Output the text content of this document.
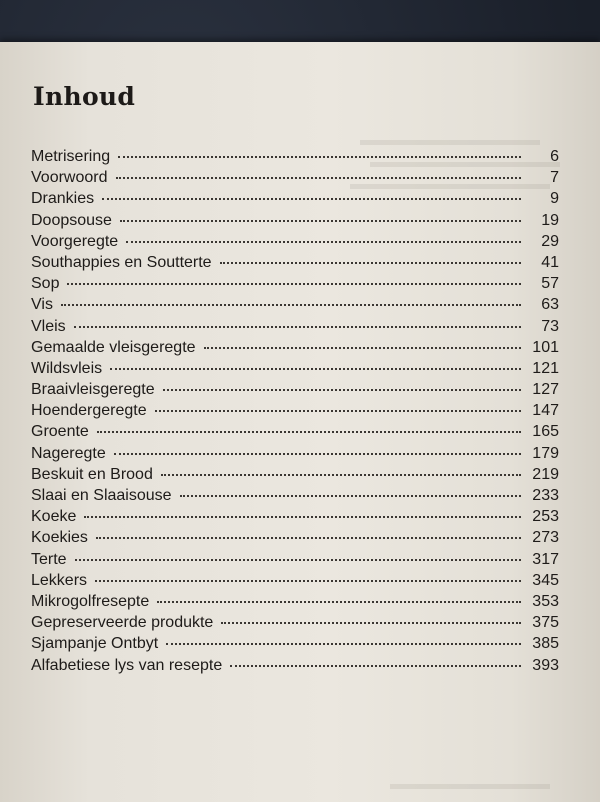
Inhoud
Metrisering	6
Voorwoord	7
Drankies	9
Doopsouse	19
Voorgeregte	29
Southappies en Soutterte	41
Sop	57
Vis	63
Vleis	73
Gemaalde vleisgeregte	101
Wildsvleis	121
Braaivleisgeregte	127
Hoendergeregte	147
Groente	165
Nageregte	179
Beskuit en Brood	219
Slaai en Slaaisouse	233
Koeke	253
Koekies	273
Terte	317
Lekkers	345
Mikrogolfresepte	353
Gepreserveerde produkte	375
Sjampanje Ontbyt	385
Alfabetiese lys van resepte	393
